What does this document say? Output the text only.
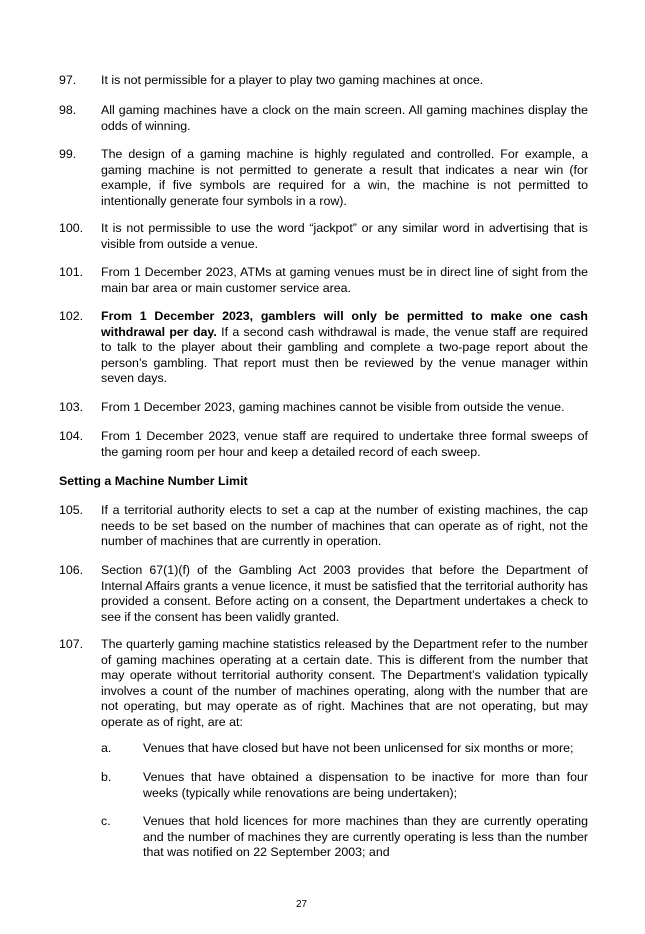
97.	It is not permissible for a player to play two gaming machines at once.
98.	All gaming machines have a clock on the main screen. All gaming machines display the odds of winning.
99.	The design of a gaming machine is highly regulated and controlled. For example, a gaming machine is not permitted to generate a result that indicates a near win (for example, if five symbols are required for a win, the machine is not permitted to intentionally generate four symbols in a row).
100.	It is not permissible to use the word “jackpot” or any similar word in advertising that is visible from outside a venue.
101.	From 1 December 2023, ATMs at gaming venues must be in direct line of sight from the main bar area or main customer service area.
102.	From 1 December 2023, gamblers will only be permitted to make one cash withdrawal per day. If a second cash withdrawal is made, the venue staff are required to talk to the player about their gambling and complete a two-page report about the person’s gambling. That report must then be reviewed by the venue manager within seven days.
103.	From 1 December 2023, gaming machines cannot be visible from outside the venue.
104.	From 1 December 2023, venue staff are required to undertake three formal sweeps of the gaming room per hour and keep a detailed record of each sweep.
Setting a Machine Number Limit
105.	If a territorial authority elects to set a cap at the number of existing machines, the cap needs to be set based on the number of machines that can operate as of right, not the number of machines that are currently in operation.
106.	Section 67(1)(f) of the Gambling Act 2003 provides that before the Department of Internal Affairs grants a venue licence, it must be satisfied that the territorial authority has provided a consent. Before acting on a consent, the Department undertakes a check to see if the consent has been validly granted.
107.	The quarterly gaming machine statistics released by the Department refer to the number of gaming machines operating at a certain date. This is different from the number that may operate without territorial authority consent. The Department’s validation typically involves a count of the number of machines operating, along with the number that are not operating, but may operate as of right. Machines that are not operating, but may operate as of right, are at:
a.	Venues that have closed but have not been unlicensed for six months or more;
b.	Venues that have obtained a dispensation to be inactive for more than four weeks (typically while renovations are being undertaken);
c.	Venues that hold licences for more machines than they are currently operating and the number of machines they are currently operating is less than the number that was notified on 22 September 2003; and
27
